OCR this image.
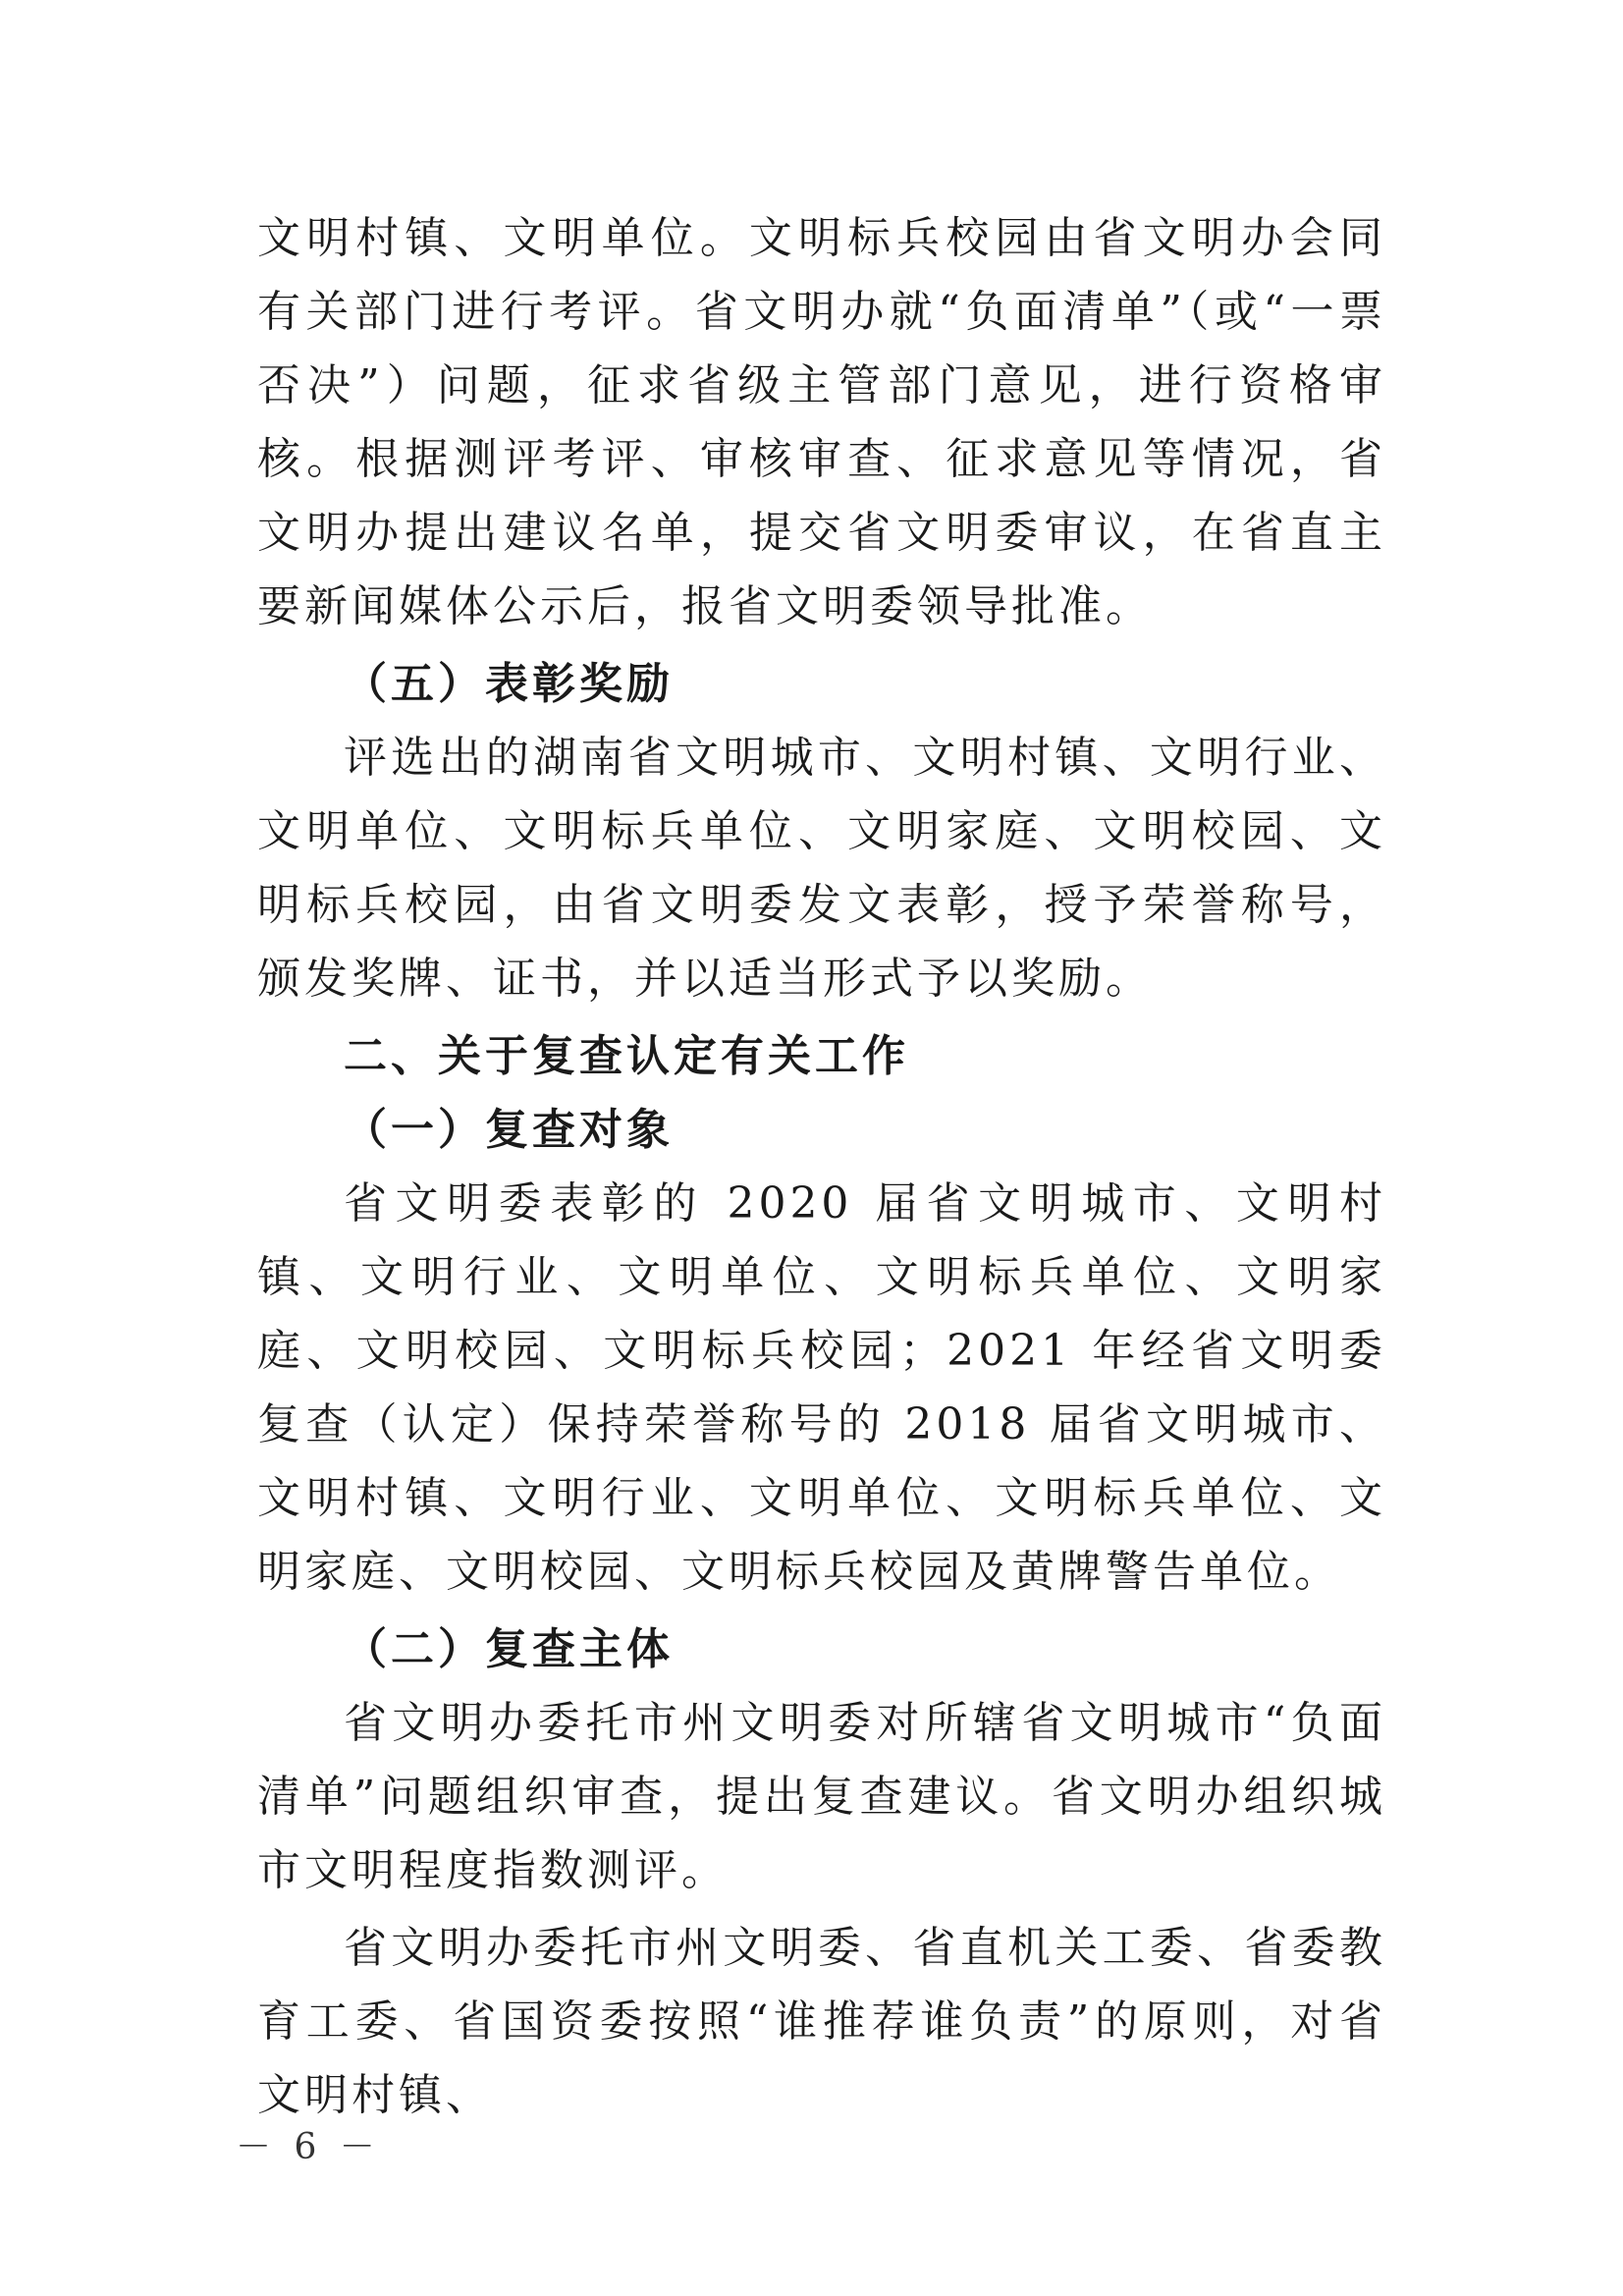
文明村镇、文明单位。文明标兵校园由省文明办会同有关部门进行考评。省文明办就“负面清单”（或“一票否决”）问题，征求省级主管部门意见，进行资格审核。根据测评考评、审核审查、征求意见等情况，省文明办提出建议名单，提交省文明委审议，在省直主要新闻媒体公示后，报省文明委领导批准。

（五）表彰奖励

评选出的湖南省文明城市、文明村镇、文明行业、文明单位、文明标兵单位、文明家庭、文明校园、文明标兵校园，由省文明委发文表彰，授予荣誉称号，颁发奖牌、证书，并以适当形式予以奖励。

二、关于复查认定有关工作

（一）复查对象

省文明委表彰的 2020 届省文明城市、文明村镇、文明行业、文明单位、文明标兵单位、文明家庭、文明校园、文明标兵校园；2021 年经省文明委复查（认定）保持荣誉称号的 2018 届省文明城市、文明村镇、文明行业、文明单位、文明标兵单位、文明家庭、文明校园、文明标兵校园及黄牌警告单位。

（二）复查主体

省文明办委托市州文明委对所辖省文明城市“负面清单”问题组织审查，提出复查建议。省文明办组织城市文明程度指数测评。

省文明办委托市州文明委、省直机关工委、省委教育工委、省国资委按照“谁推荐谁负责”的原则，对省文明村镇、

－ 6 －
